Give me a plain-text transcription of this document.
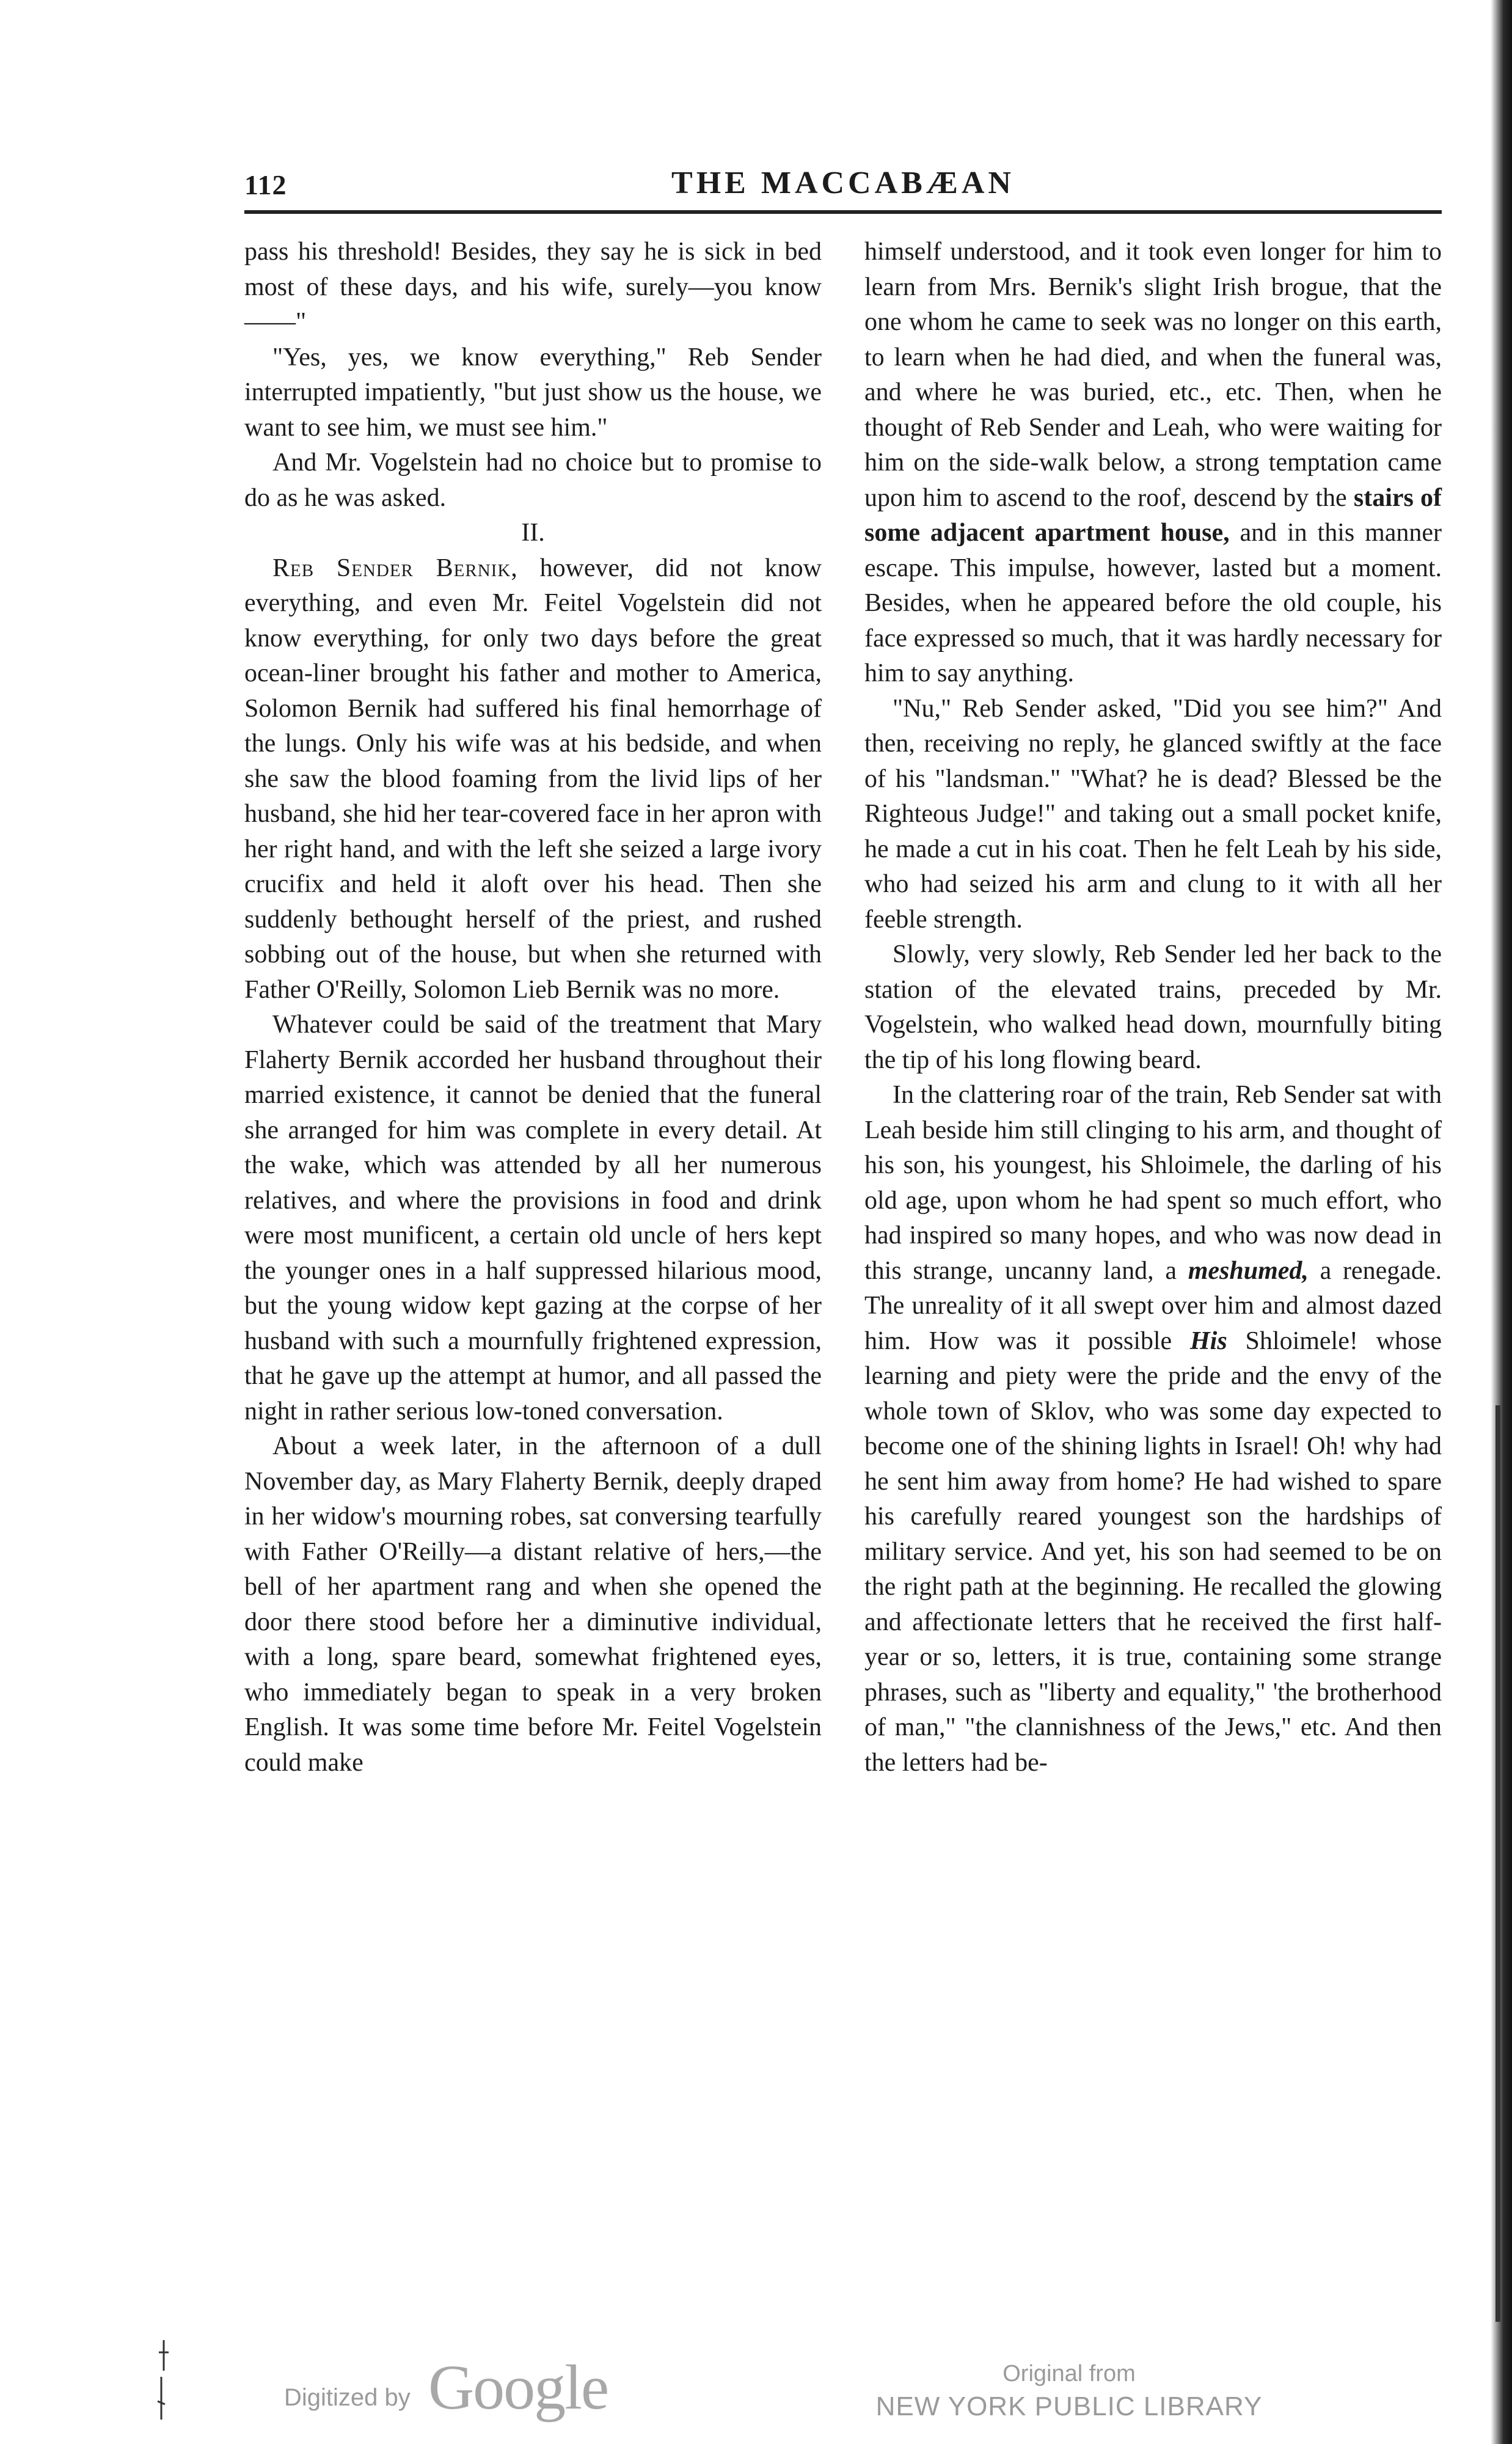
112	THE MACCABÆAN

pass his threshold! Besides, they say he is sick in bed most of these days, and his wife, surely—you know——"

"Yes, yes, we know everything," Reb Sender interrupted impatiently, "but just show us the house, we want to see him, we must see him."

And Mr. Vogelstein had no choice but to promise to do as he was asked.

II.

Reb Sender Bernik, however, did not know everything, and even Mr. Feitel Vogelstein did not know everything, for only two days before the great ocean-liner brought his father and mother to America, Solomon Bernik had suffered his final hemorrhage of the lungs. Only his wife was at his bedside, and when she saw the blood foaming from the livid lips of her husband, she hid her tear-covered face in her apron with her right hand, and with the left she seized a large ivory crucifix and held it aloft over his head. Then she suddenly bethought herself of the priest, and rushed sobbing out of the house, but when she returned with Father O'Reilly, Solomon Lieb Bernik was no more.

Whatever could be said of the treatment that Mary Flaherty Bernik accorded her husband throughout their married existence, it cannot be denied that the funeral she arranged for him was complete in every detail. At the wake, which was attended by all her numerous relatives, and where the provisions in food and drink were most munificent, a certain old uncle of hers kept the younger ones in a half suppressed hilarious mood, but the young widow kept gazing at the corpse of her husband with such a mournfully frightened expression, that he gave up the attempt at humor, and all passed the night in rather serious low-toned conversation.

About a week later, in the afternoon of a dull November day, as Mary Flaherty Bernik, deeply draped in her widow's mourning robes, sat conversing tearfully with Father O'Reilly—a distant relative of hers,—the bell of her apartment rang and when she opened the door there stood before her a diminutive individual, with a long, spare beard, somewhat frightened eyes, who immediately began to speak in a very broken English. It was some time before Mr. Feitel Vogelstein could make

himself understood, and it took even longer for him to learn from Mrs. Bernik's slight Irish brogue, that the one whom he came to seek was no longer on this earth, to learn when he had died, and when the funeral was, and where he was buried, etc., etc. Then, when he thought of Reb Sender and Leah, who were waiting for him on the side-walk below, a strong temptation came upon him to ascend to the roof, descend by the stairs of some adjacent apartment house, and in this manner escape. This impulse, however, lasted but a moment. Besides, when he appeared before the old couple, his face expressed so much, that it was hardly necessary for him to say anything.

"Nu," Reb Sender asked, "Did you see him?" And then, receiving no reply, he glanced swiftly at the face of his "landsman." "What? he is dead? Blessed be the Righteous Judge!" and taking out a small pocket knife, he made a cut in his coat. Then he felt Leah by his side, who had seized his arm and clung to it with all her feeble strength.

Slowly, very slowly, Reb Sender led her back to the station of the elevated trains, preceded by Mr. Vogelstein, who walked head down, mournfully biting the tip of his long flowing beard.

In the clattering roar of the train, Reb Sender sat with Leah beside him still clinging to his arm, and thought of his son, his youngest, his Shloimele, the darling of his old age, upon whom he had spent so much effort, who had inspired so many hopes, and who was now dead in this strange, uncanny land, a meshumed, a renegade. The unreality of it all swept over him and almost dazed him. How was it possible His Shloimele! whose learning and piety were the pride and the envy of the whole town of Sklov, who was some day expected to become one of the shining lights in Israel! Oh! why had he sent him away from home? He had wished to spare his carefully reared youngest son the hardships of military service. And yet, his son had seemed to be on the right path at the beginning. He recalled the glowing and affectionate letters that he received the first half-year or so, letters, it is true, containing some strange phrases, such as "liberty and equality," 'the brotherhood of man," "the clannishness of the Jews," etc. And then the letters had be-

Digitized by Google	Original from
NEW YORK PUBLIC LIBRARY
